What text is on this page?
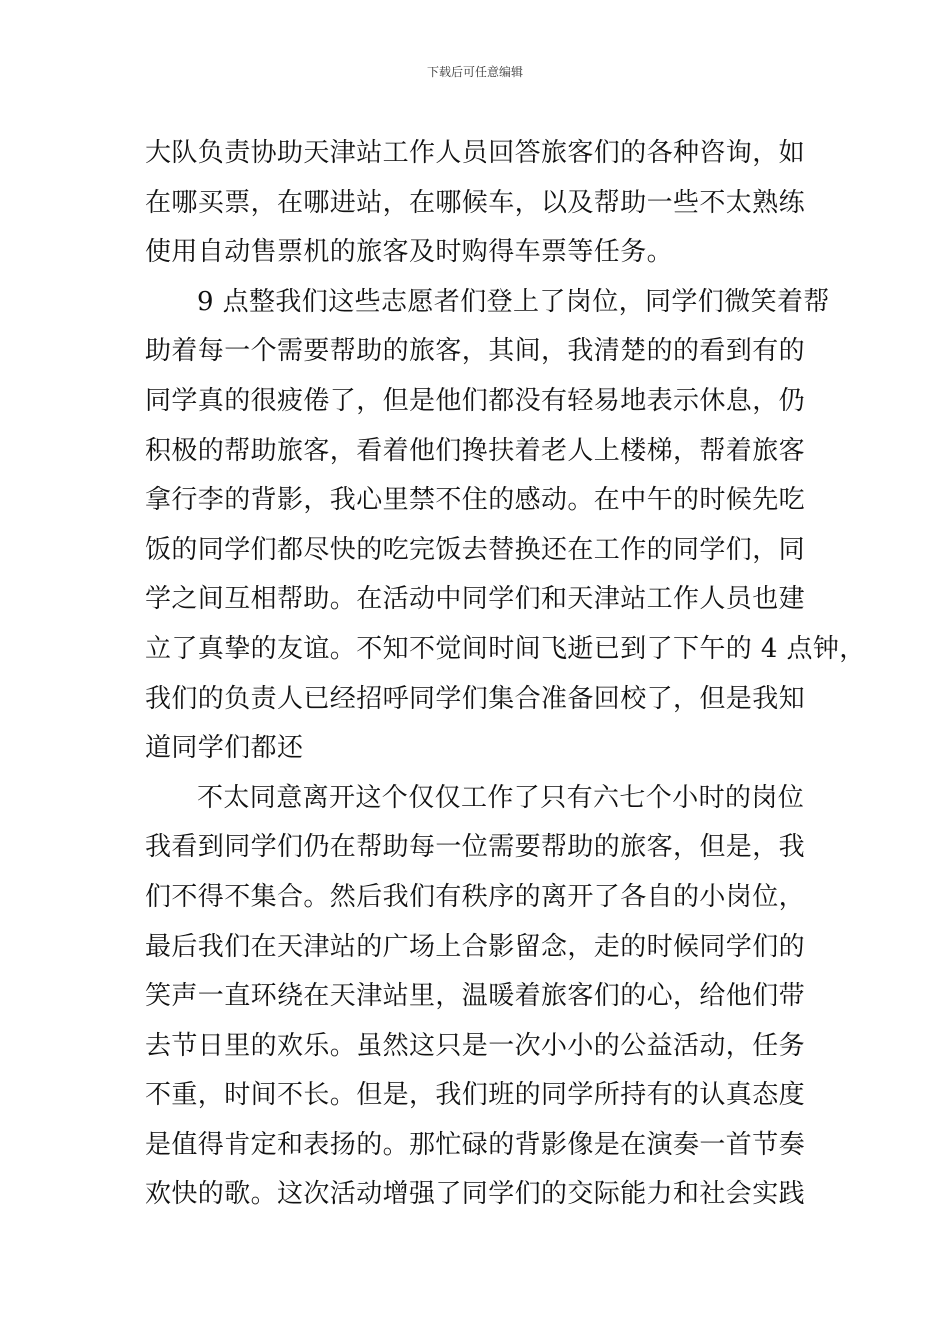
下载后可任意编辑

大队负责协助天津站工作人员回答旅客们的各种咨询，如
在哪买票，在哪进站，在哪候车，以及帮助一些不太熟练
使用自动售票机的旅客及时购得车票等任务。

9 点整我们这些志愿者们登上了岗位，同学们微笑着帮
助着每一个需要帮助的旅客，其间，我清楚的的看到有的
同学真的很疲倦了，但是他们都没有轻易地表示休息，仍
积极的帮助旅客，看着他们搀扶着老人上楼梯，帮着旅客
拿行李的背影，我心里禁不住的感动。在中午的时候先吃
饭的同学们都尽快的吃完饭去替换还在工作的同学们，同
学之间互相帮助。在活动中同学们和天津站工作人员也建
立了真挚的友谊。不知不觉间时间飞逝已到了下午的 4 点钟，
我们的负责人已经招呼同学们集合准备回校了，但是我知
道同学们都还

不太同意离开这个仅仅工作了只有六七个小时的岗位
我看到同学们仍在帮助每一位需要帮助的旅客，但是，我
们不得不集合。然后我们有秩序的离开了各自的小岗位，
最后我们在天津站的广场上合影留念，走的时候同学们的
笑声一直环绕在天津站里，温暖着旅客们的心，给他们带
去节日里的欢乐。虽然这只是一次小小的公益活动，任务
不重，时间不长。但是，我们班的同学所持有的认真态度
是值得肯定和表扬的。那忙碌的背影像是在演奏一首节奏
欢快的歌。这次活动增强了同学们的交际能力和社会实践
